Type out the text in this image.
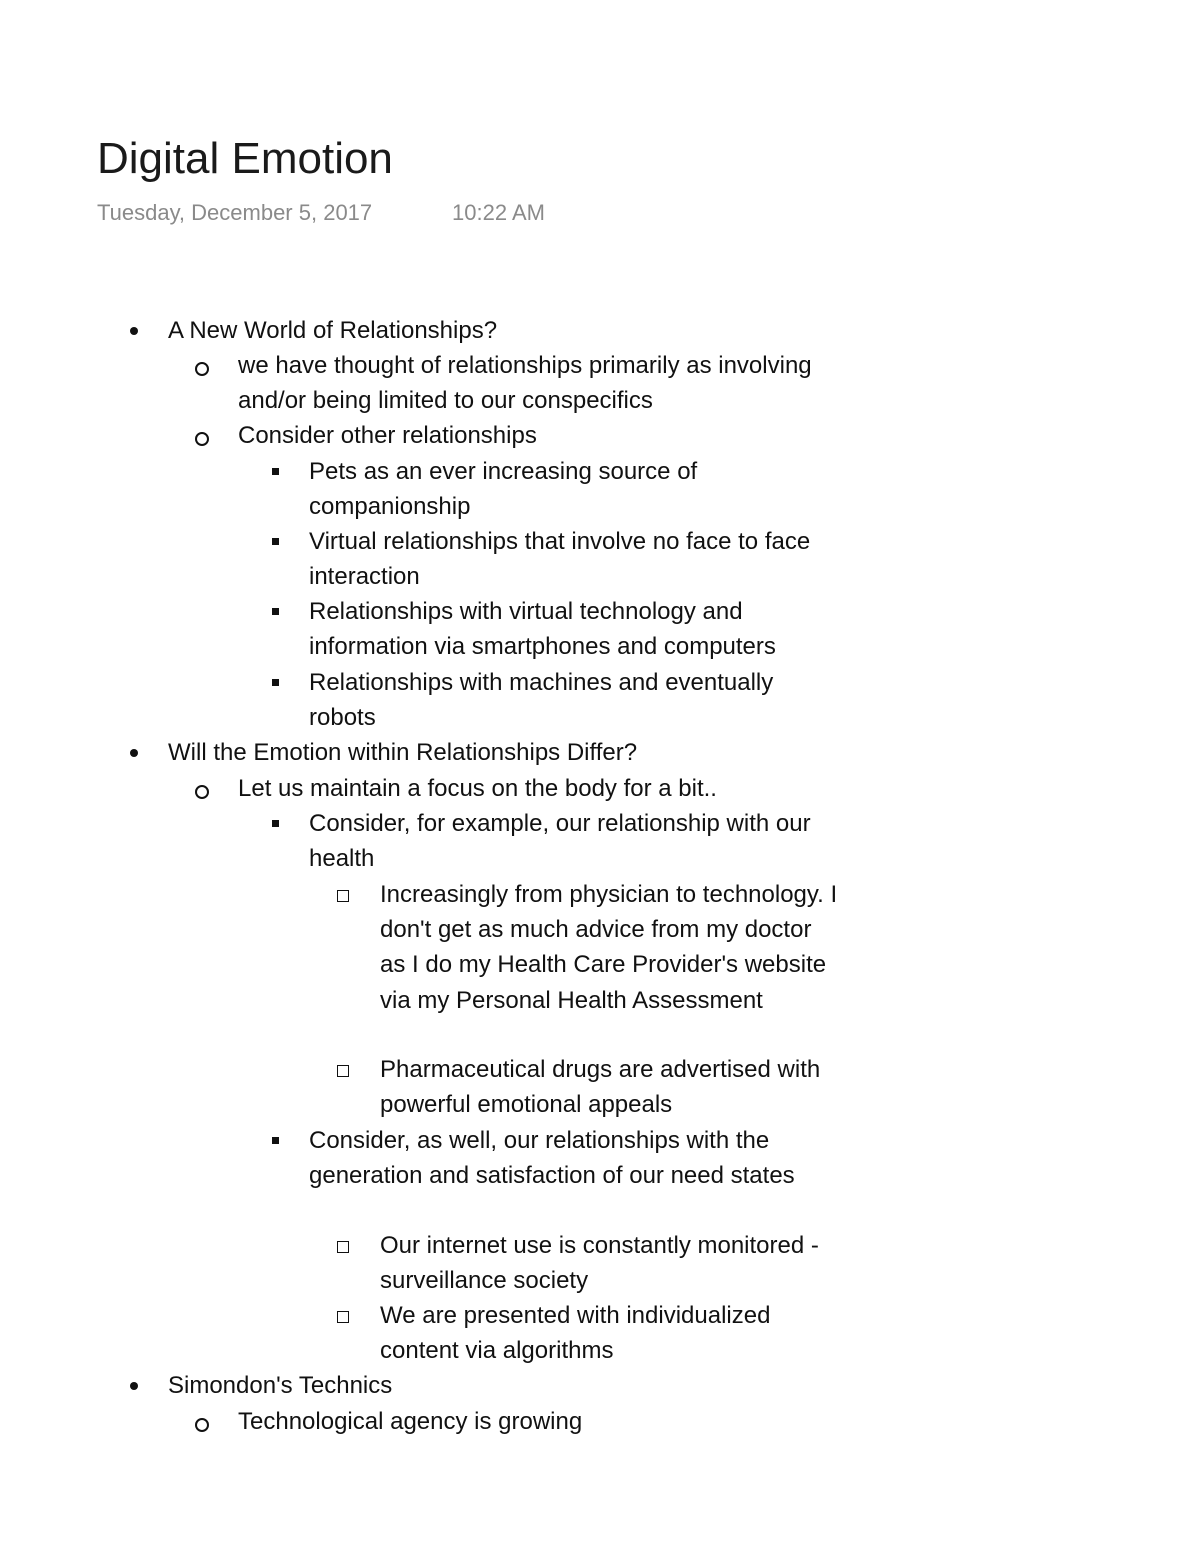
Digital Emotion
Tuesday, December 5, 2017	10:22 AM
A New World of Relationships?
we have thought of relationships primarily as involving and/or being limited to our conspecifics
Consider other relationships
Pets as an ever increasing source of companionship
Virtual relationships that involve no face to face interaction
Relationships with virtual technology and information via smartphones and computers
Relationships with machines and eventually robots
Will the Emotion within Relationships Differ?
Let us maintain a focus on the body for a bit..
Consider, for example, our relationship with our health
Increasingly from physician to technology. I don't get as much advice from my doctor as I do my Health Care Provider's website via my Personal Health Assessment
Pharmaceutical drugs are advertised with powerful emotional appeals
Consider, as well, our relationships with the generation and satisfaction of our need states
Our internet use is constantly monitored - surveillance society
We are presented with individualized content via algorithms
Simondon's Technics
Technological agency is growing
